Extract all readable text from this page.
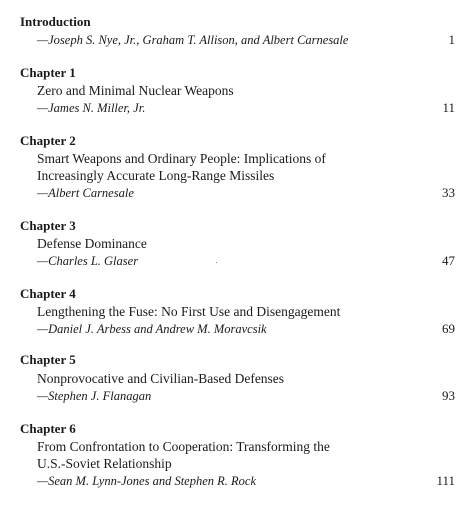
Introduction
—Joseph S. Nye, Jr., Graham T. Allison, and Albert Carnesale	1
Chapter 1
Zero and Minimal Nuclear Weapons
—James N. Miller, Jr.	11
Chapter 2
Smart Weapons and Ordinary People: Implications of
Increasingly Accurate Long-Range Missiles
—Albert Carnesale	33
Chapter 3
Defense Dominance
—Charles L. Glaser	47
Chapter 4
Lengthening the Fuse: No First Use and Disengagement
—Daniel J. Arbess and Andrew M. Moravcsik	69
Chapter 5
Nonprovocative and Civilian-Based Defenses
—Stephen J. Flanagan	93
Chapter 6
From Confrontation to Cooperation: Transforming the
U.S.-Soviet Relationship
—Sean M. Lynn-Jones and Stephen R. Rock	111
